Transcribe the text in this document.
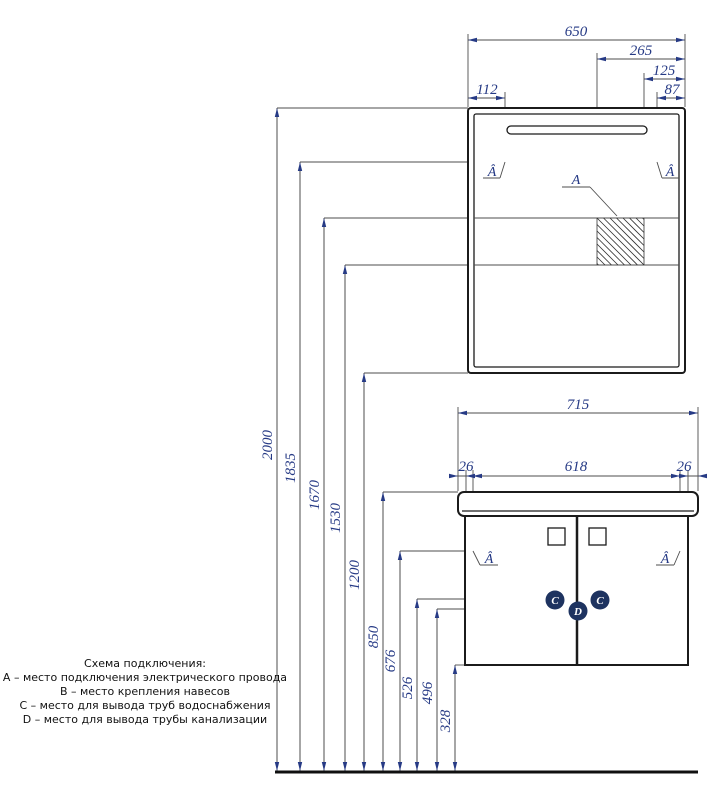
650
265
125
87
112
715
26	618	26
2000
1835
1670
1530
1200
850
676
526 496
328
A
Â	Â
Â	Â
C
D
C
Схема подключения:
A – место подключения электрического провода
B – место крепления навесов
C – место для вывода труб водоснабжения
D – место для вывода трубы канализации
